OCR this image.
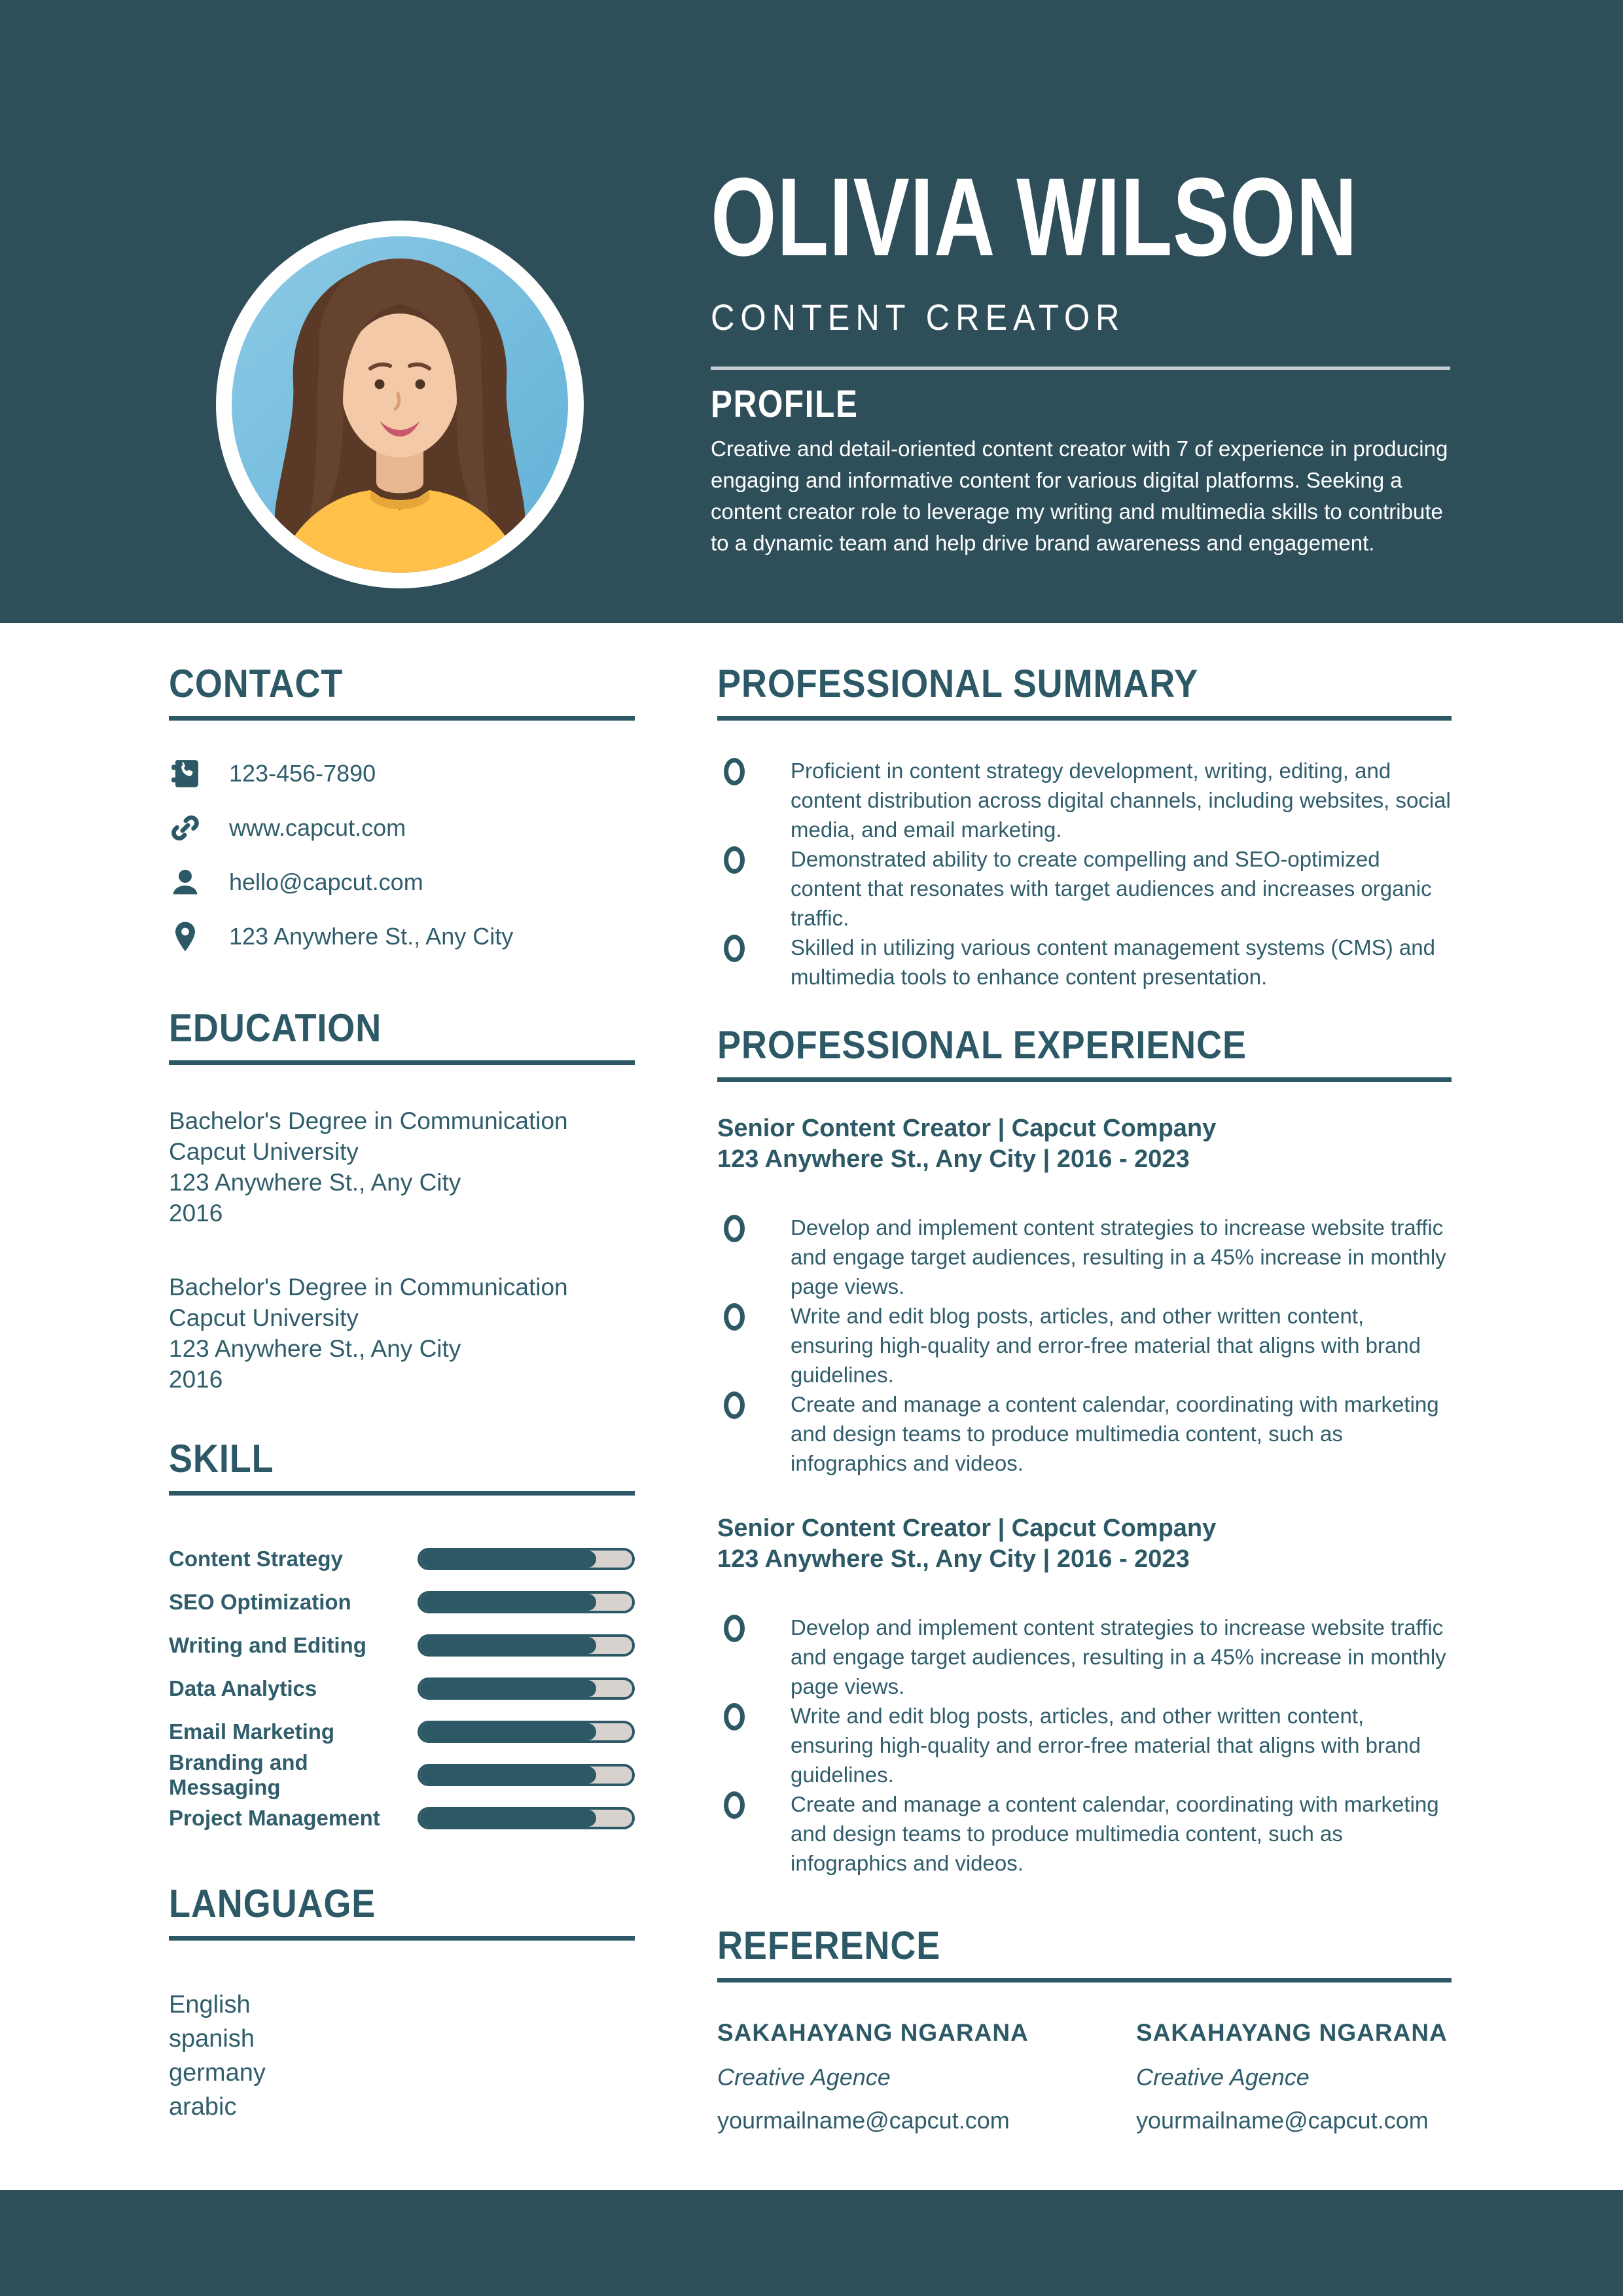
OLIVIA WILSON
CONTENT CREATOR
PROFILE

Creative and detail-oriented content creator with 7 of experience in producing engaging and informative content for various digital platforms. Seeking a content creator role to leverage my writing and multimedia skills to contribute to a dynamic team and help drive brand awareness and engagement.

CONTACT
123-456-7890
www.capcut.com
hello@capcut.com
123 Anywhere St., Any City
EDUCATION
Bachelor's Degree in Communication
Capcut University
123 Anywhere St., Any City
2016
Bachelor's Degree in Communication
Capcut University
123 Anywhere St., Any City
2016
SKILL
Content Strategy
SEO Optimization
Writing and Editing
Data Analytics
Email Marketing
Branding and Messaging
Project Management
LANGUAGE
English
spanish
germany
arabic
PROFESSIONAL SUMMARY
Proficient in content strategy development, writing, editing, and content distribution across digital channels, including websites, social media, and email marketing.
Demonstrated ability to create compelling and SEO-optimized content that resonates with target audiences and increases organic traffic.
Skilled in utilizing various content management systems (CMS) and multimedia tools to enhance content presentation.
PROFESSIONAL EXPERIENCE
Senior Content Creator | Capcut Company
123 Anywhere St., Any City | 2016 - 2023
Develop and implement content strategies to increase website traffic and engage target audiences, resulting in a 45% increase in monthly page views.
Write and edit blog posts, articles, and other written content, ensuring high-quality and error-free material that aligns with brand guidelines.
Create and manage a content calendar, coordinating with marketing and design teams to produce multimedia content, such as infographics and videos.
Senior Content Creator | Capcut Company
123 Anywhere St., Any City | 2016 - 2023
Develop and implement content strategies to increase website traffic and engage target audiences, resulting in a 45% increase in monthly page views.
Write and edit blog posts, articles, and other written content, ensuring high-quality and error-free material that aligns with brand guidelines.
Create and manage a content calendar, coordinating with marketing and design teams to produce multimedia content, such as infographics and videos.
REFERENCE
SAKAHAYANG NGARANA
Creative Agence
yourmailname@capcut.com
SAKAHAYANG NGARANA
Creative Agence
yourmailname@capcut.com
